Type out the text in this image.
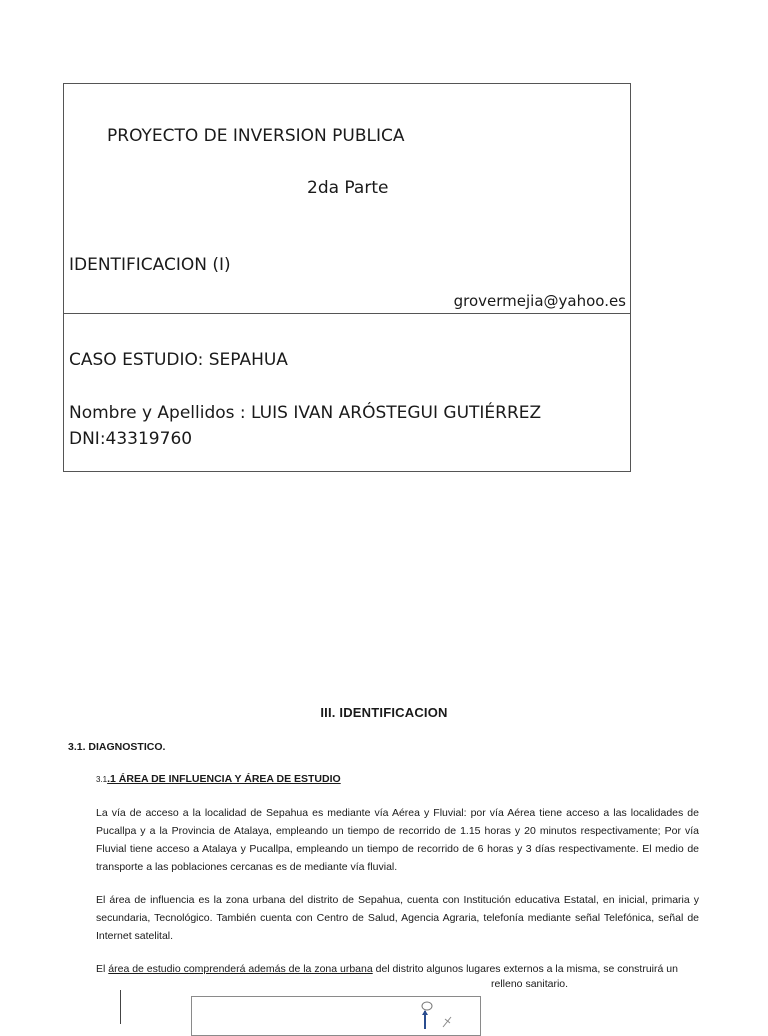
PROYECTO DE INVERSION PUBLICA
2da Parte
IDENTIFICACION (I)
grovermejia@yahoo.es
CASO ESTUDIO: SEPAHUA
Nombre y Apellidos : LUIS IVAN ARÓSTEGUI GUTIÉRREZ
DNI:43319760
III. IDENTIFICACION
3.1. DIAGNOSTICO.
3.1.1 ÁREA DE INFLUENCIA Y ÁREA DE ESTUDIO
La vía de acceso a la localidad de Sepahua es mediante vía Aérea y Fluvial: por vía Aérea tiene acceso a las localidades de Pucallpa y a la Provincia de Atalaya, empleando un tiempo de recorrido de 1.15 horas y 20 minutos respectivamente; Por vía Fluvial tiene acceso a Atalaya y Pucallpa, empleando un tiempo de recorrido de 6 horas y 3 días respectivamente. El medio de transporte a las poblaciones cercanas es de mediante vía fluvial.
El área de influencia es la zona urbana del distrito de Sepahua, cuenta con Institución educativa Estatal, en inicial, primaria y secundaria, Tecnológico. También cuenta con Centro de Salud, Agencia Agraria, telefonía mediante señal Telefónica, señal de Internet satelital.
El área de estudio comprenderá además de la zona urbana del distrito algunos lugares externos a la misma, se construirá un
relleno sanitario.
